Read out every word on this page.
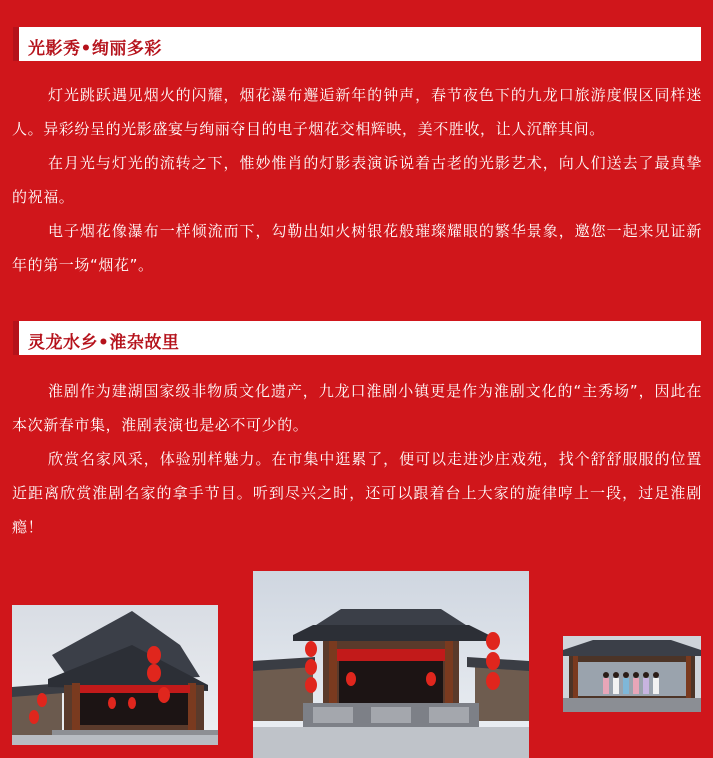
光影秀•绚丽多彩

灯光跳跃遇见烟火的闪耀，烟花瀑布邂逅新年的钟声，春节夜色下的九龙口旅游度假区同样迷人。异彩纷呈的光影盛宴与绚丽夺目的电子烟花交相辉映，美不胜收，让人沉醉其间。

在月光与灯光的流转之下，惟妙惟肖的灯影表演诉说着古老的光影艺术，向人们送去了最真挚的祝福。

电子烟花像瀑布一样倾流而下，勾勒出如火树银花般璀璨耀眼的繁华景象，邀您一起来见证新年的第一场“烟花”。

灵龙水乡•淮杂故里

淮剧作为建湖国家级非物质文化遗产，九龙口淮剧小镇更是作为淮剧文化的“主秀场”，因此在本次新春市集，淮剧表演也是必不可少的。

欣赏名家风采，体验别样魅力。在市集中逛累了，便可以走进沙庄戏苑，找个舒舒服服的位置近距离欣赏淮剧名家的拿手节目。听到尽兴之时，还可以跟着台上大家的旋律哼上一段，过足淮剧瘾！
